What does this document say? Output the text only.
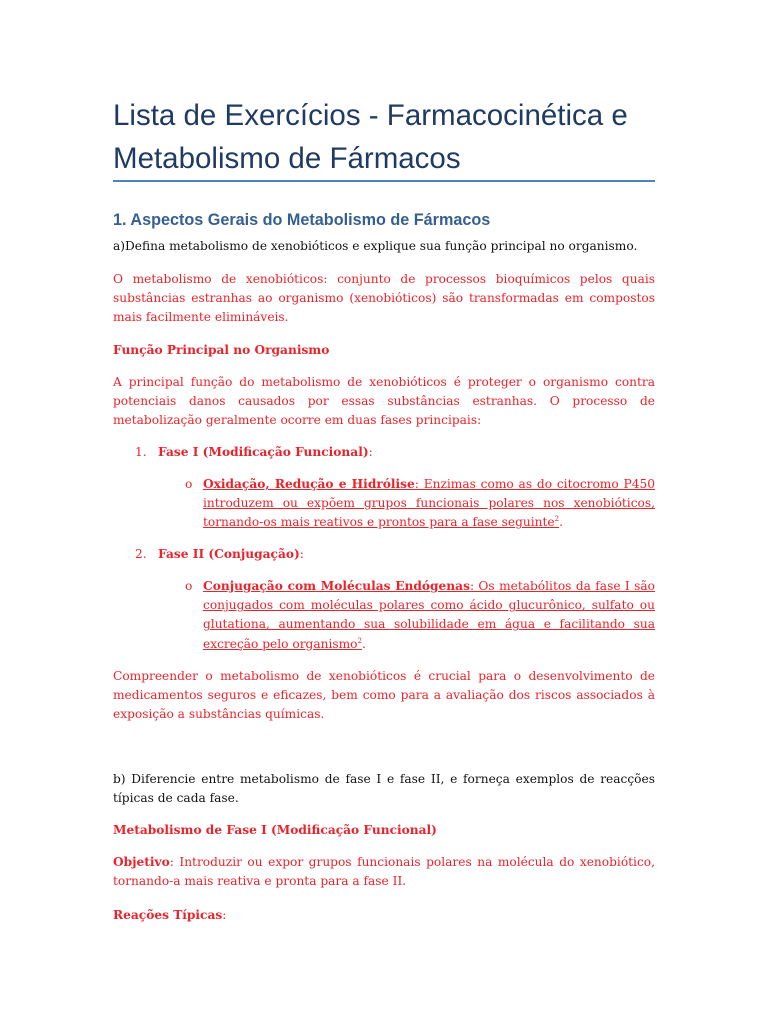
Lista de Exercícios - Farmacocinética e Metabolismo de Fármacos
1. Aspectos Gerais do Metabolismo de Fármacos

a)Defina metabolismo de xenobióticos e explique sua função principal no organismo.

O metabolismo de xenobióticos: conjunto de processos bioquímicos pelos quais substâncias estranhas ao organismo (xenobióticos) são transformadas em compostos mais facilmente elimináveis.

Função Principal no Organismo

A principal função do metabolismo de xenobióticos é proteger o organismo contra potenciais danos causados por essas substâncias estranhas. O processo de metabolização geralmente ocorre em duas fases principais:

1. Fase I (Modificação Funcional):

o Oxidação, Redução e Hidrólise: Enzimas como as do citocromo P450 introduzem ou expõem grupos funcionais polares nos xenobióticos, tornando-os mais reativos e prontos para a fase seguinte$^2$.

2. Fase II (Conjugação):

o Conjugação com Moléculas Endógenas: Os metabólitos da fase I são conjugados com moléculas polares como ácido glucurônico, sulfato ou glutationa, aumentando sua solubilidade em água e facilitando sua excreção pelo organismo$^2$.

Compreender o metabolismo de xenobióticos é crucial para o desenvolvimento de medicamentos seguros e eficazes, bem como para a avaliação dos riscos associados à exposição a substâncias químicas.

b) Diferencie entre metabolismo de fase I e fase II, e forneça exemplos de reacções típicas de cada fase.

Metabolismo de Fase I (Modificação Funcional)

Objetivo: Introduzir ou expor grupos funcionais polares na molécula do xenobiótico, tornando-a mais reativa e pronta para a fase II.

Reações Típicas:
